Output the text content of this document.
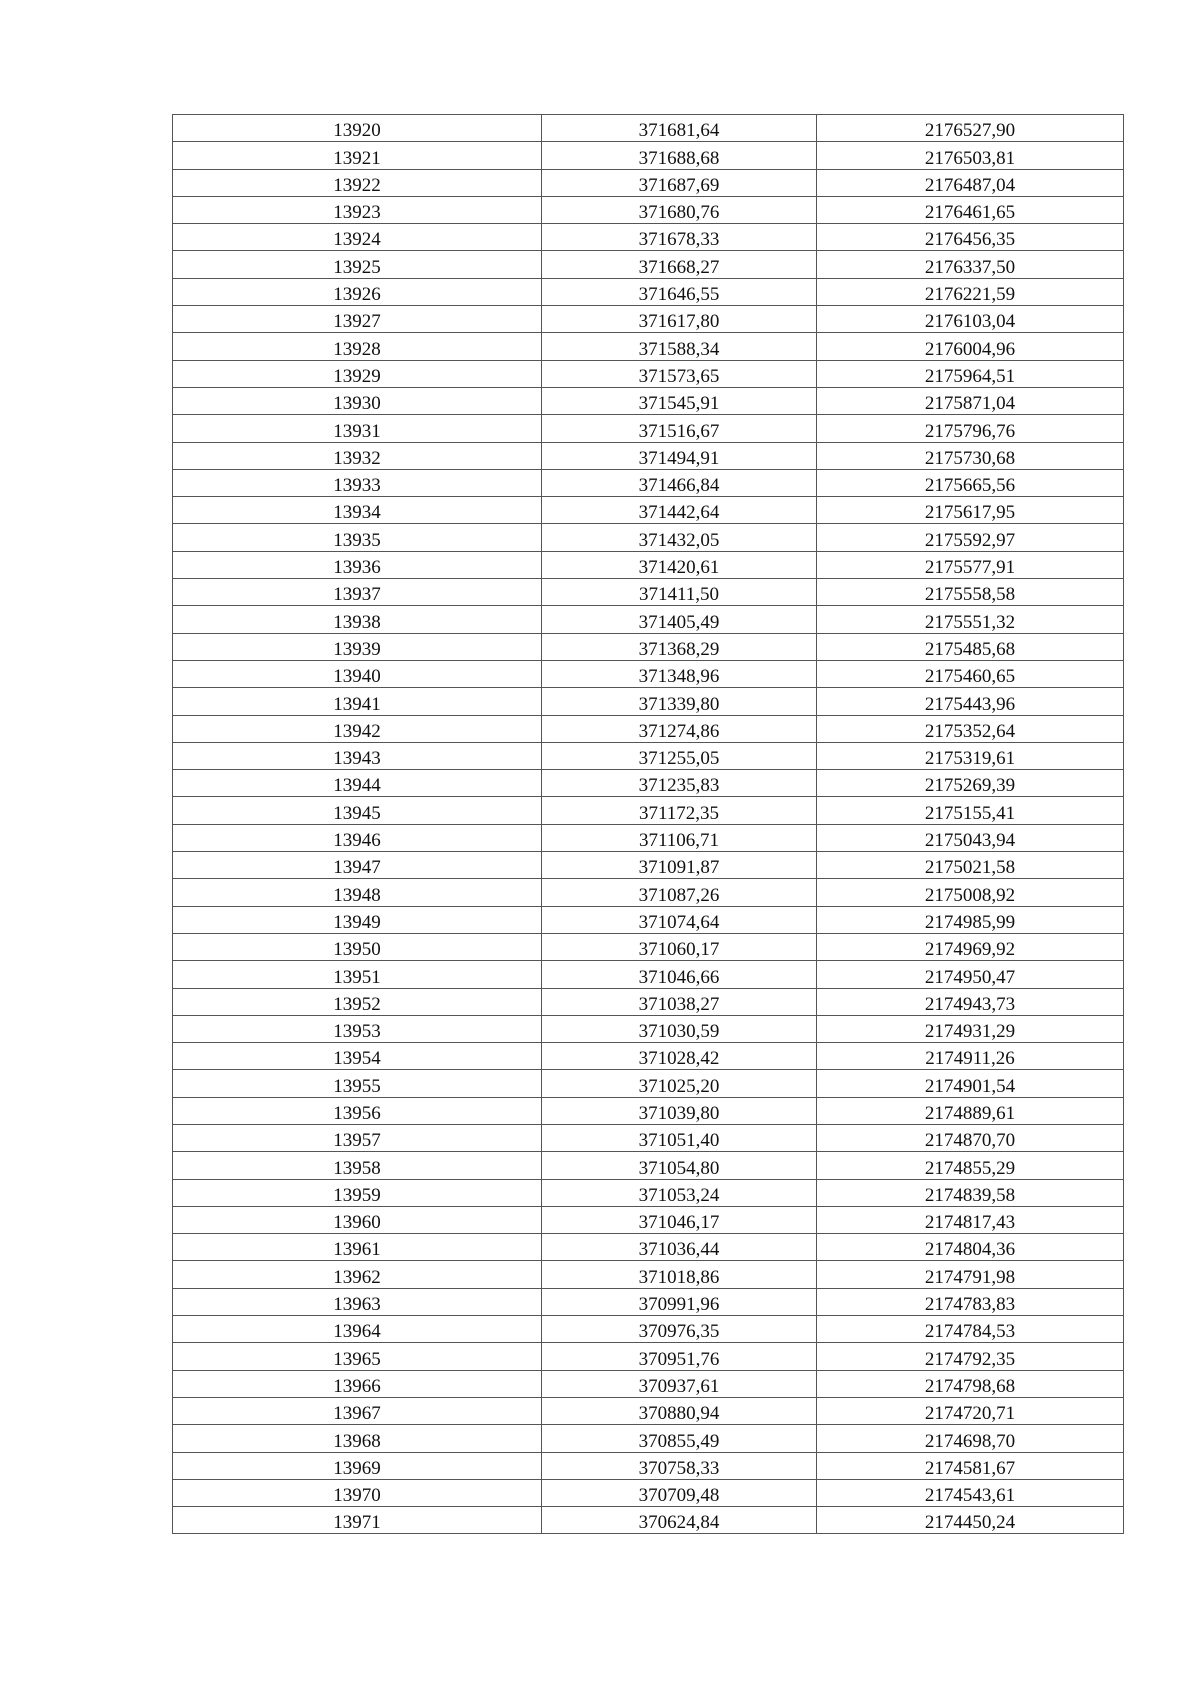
13920	371681,64	2176527,90
13921	371688,68	2176503,81
13922	371687,69	2176487,04
13923	371680,76	2176461,65
13924	371678,33	2176456,35
13925	371668,27	2176337,50
13926	371646,55	2176221,59
13927	371617,80	2176103,04
13928	371588,34	2176004,96
13929	371573,65	2175964,51
13930	371545,91	2175871,04
13931	371516,67	2175796,76
13932	371494,91	2175730,68
13933	371466,84	2175665,56
13934	371442,64	2175617,95
13935	371432,05	2175592,97
13936	371420,61	2175577,91
13937	371411,50	2175558,58
13938	371405,49	2175551,32
13939	371368,29	2175485,68
13940	371348,96	2175460,65
13941	371339,80	2175443,96
13942	371274,86	2175352,64
13943	371255,05	2175319,61
13944	371235,83	2175269,39
13945	371172,35	2175155,41
13946	371106,71	2175043,94
13947	371091,87	2175021,58
13948	371087,26	2175008,92
13949	371074,64	2174985,99
13950	371060,17	2174969,92
13951	371046,66	2174950,47
13952	371038,27	2174943,73
13953	371030,59	2174931,29
13954	371028,42	2174911,26
13955	371025,20	2174901,54
13956	371039,80	2174889,61
13957	371051,40	2174870,70
13958	371054,80	2174855,29
13959	371053,24	2174839,58
13960	371046,17	2174817,43
13961	371036,44	2174804,36
13962	371018,86	2174791,98
13963	370991,96	2174783,83
13964	370976,35	2174784,53
13965	370951,76	2174792,35
13966	370937,61	2174798,68
13967	370880,94	2174720,71
13968	370855,49	2174698,70
13969	370758,33	2174581,67
13970	370709,48	2174543,61
13971	370624,84	2174450,24
